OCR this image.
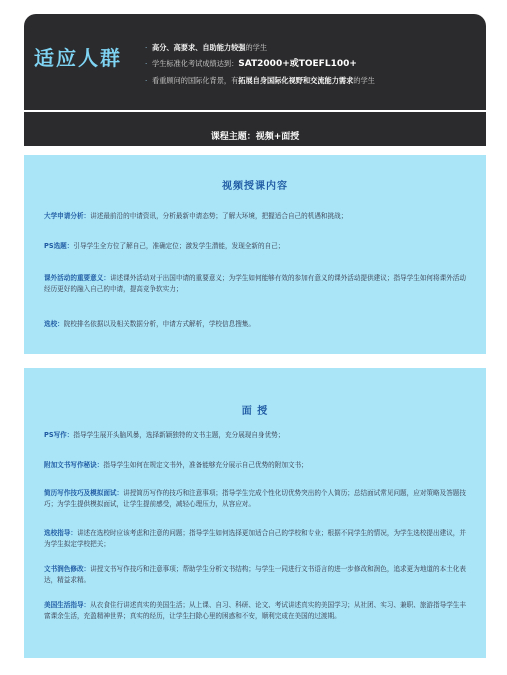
适应人群
·	高分、高要求、自助能力较强的学生
· 学生标准化考试成绩达到：SAT2000+或TOEFL100+
· 看重顾问的国际化背景，有拓展自身国际化视野和交流能力需求的学生
课程主题：视频+面授
视频授课内容
大学申请分析：讲述最前沿的申请资讯，分析最新申请态势；了解大环境，把握适合自己的机遇和挑战；
PS选题：引导学生全方位了解自己，准确定位；激发学生潜能，发现全新的自己；
课外活动的重要意义：讲述课外活动对于出国申请的重要意义；为学生如何能够有效的参加有意义的课外活动提供建议；指导学生如何将课外活动经历更好的融入自己的申请，提高竞争软实力；
选校：院校排名依据以及相关数据分析，申请方式解析，学校信息搜集。
面 授
PS写作：指导学生展开头脑风暴，选择新颖独特的文书主题，充分展现自身优势；
附加文书写作秘诀：指导学生如何在规定文书外，准备能够充分展示自己优势的附加文书；
简历写作技巧及模拟面试：讲授简历写作的技巧和注意事项；指导学生完成个性化切优势突出的个人简历；总结面试常见问题，应对策略及答题技巧；为学生提供模拟面试，让学生提前感受，减轻心理压力，从容应对。
选校指导：讲述在选校时应该考虑和注意的问题；指导学生如何选择更加适合自己的学校和专业；根据不同学生的情况，为学生选校提出建议，并为学生拟定学校把关；
文书润色修改：讲授文书写作技巧和注意事项；帮助学生分析文书结构；与学生一同进行文书语言的进一步修改和润色，追求更为地道的本土化表达，精益求精。
美国生活指导：从衣食住行讲述真实的美国生活；从上课、自习、科研、论文、考试讲述真实的美国学习；从社团、实习、兼职、旅游指导学生丰富课余生活，充盈精神世界；真实的经历，让学生扫除心里的困惑和不安，顺利完成在美国的过渡期。
